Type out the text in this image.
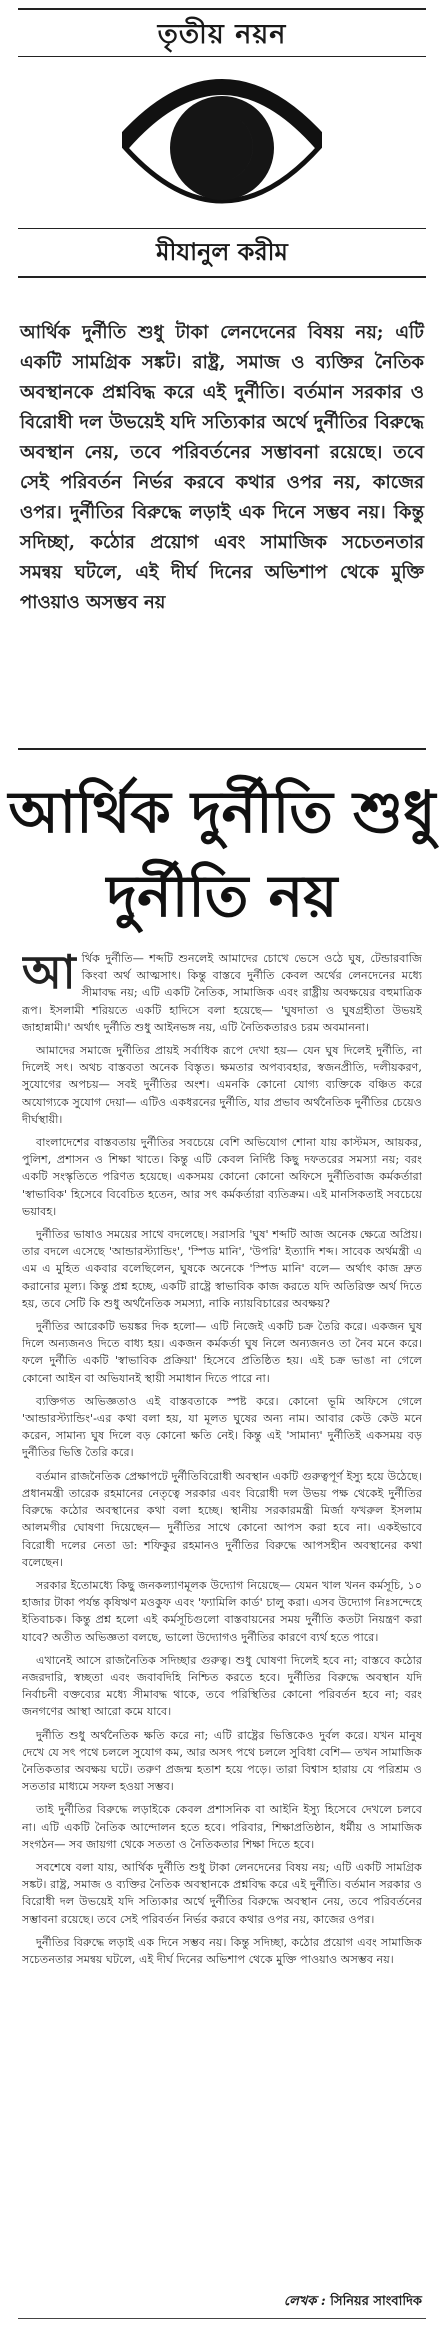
তৃতীয় নয়ন
মীযানুল করীম
আর্থিক দুর্নীতি শুধু টাকা লেনদেনের বিষয় নয়; এটি একটি সামগ্রিক সঙ্কট। রাষ্ট্র, সমাজ ও ব্যক্তির নৈতিক অবস্থানকে প্রশ্নবিদ্ধ করে এই দুর্নীতি। বর্তমান সরকার ও বিরোধী দল উভয়েই যদি সত্যিকার অর্থে দুর্নীতির বিরুদ্ধে অবস্থান নেয়, তবে পরিবর্তনের সম্ভাবনা রয়েছে। তবে সেই পরিবর্তন নির্ভর করবে কথার ওপর নয়, কাজের ওপর। দুর্নীতির বিরুদ্ধে লড়াই এক দিনে সম্ভব নয়। কিন্তু সদিচ্ছা, কঠোর প্রয়োগ এবং সামাজিক সচেতনতার সমন্বয় ঘটলে, এই দীর্ঘ দিনের অভিশাপ থেকে মুক্তি পাওয়াও অসম্ভব নয়
আর্থিক দুর্নীতি শুধু
দুর্নীতি নয়

আর্থিক দুর্নীতি— শব্দটি শুনলেই আমাদের চোখে ভেসে ওঠে ঘুষ, টেন্ডারবাজি কিংবা অর্থ আত্মসাৎ। কিন্তু বাস্তবে দুর্নীতি কেবল অর্থের লেনদেনের মধ্যে সীমাবদ্ধ নয়; এটি একটি নৈতিক, সামাজিক এবং রাষ্ট্রীয় অবক্ষয়ের বহুমাত্রিক রূপ। ইসলামী শরিয়তে একটি হাদিসে বলা হয়েছে— 'ঘুষদাতা ও ঘুষগ্রহীতা উভয়ই জাহান্নামী।' অর্থাৎ দুর্নীতি শুধু আইনভঙ্গ নয়, এটি নৈতিকতারও চরম অবমাননা।

আমাদের সমাজে দুর্নীতির প্রায়ই সর্বাধিক রূপে দেখা হয়— যেন ঘুষ দিলেই দুর্নীতি, না দিলেই সৎ। অথচ বাস্তবতা অনেক বিস্তৃত। ক্ষমতার অপব্যবহার, স্বজনপ্রীতি, দলীয়করণ, সুযোগের অপচয়— সবই দুর্নীতির অংশ। এমনকি কোনো যোগ্য ব্যক্তিকে বঞ্চিত করে অযোগ্যকে সুযোগ দেয়া— এটিও একধরনের দুর্নীতি, যার প্রভাব অর্থনৈতিক দুর্নীতির চেয়েও দীর্ঘস্থায়ী।

বাংলাদেশের বাস্তবতায় দুর্নীতির সবচেয়ে বেশি অভিযোগ শোনা যায় কাস্টমস, আয়কর, পুলিশ, প্রশাসন ও শিক্ষা খাতে। কিন্তু এটি কেবল নির্দিষ্ট কিছু দফতরের সমস্যা নয়; বরং একটি সংস্কৃতিতে পরিণত হয়েছে। একসময় কোনো কোনো অফিসে দুর্নীতিবাজ কর্মকর্তারা 'স্বাভাবিক' হিসেবে বিবেচিত হতেন, আর সৎ কর্মকর্তারা ব্যতিক্রম। এই মানসিকতাই সবচেয়ে ভয়াবহ।

দুর্নীতির ভাষাও সময়ের সাথে বদলেছে। সরাসরি 'ঘুষ' শব্দটি আজ অনেক ক্ষেত্রে অপ্রিয়। তার বদলে এসেছে 'আন্ডারস্ট্যান্ডিং', 'স্পিড মানি', 'উপরি' ইত্যাদি শব্দ। সাবেক অর্থমন্ত্রী এ এম এ মুহিত একবার বলেছিলেন, ঘুষকে অনেকে 'স্পিড মানি' বলে— অর্থাৎ কাজ দ্রুত করানোর মূল্য। কিন্তু প্রশ্ন হচ্ছে, একটি রাষ্ট্রে স্বাভাবিক কাজ করতে যদি অতিরিক্ত অর্থ দিতে হয়, তবে সেটি কি শুধু অর্থনৈতিক সমস্যা, নাকি ন্যায়বিচারের অবক্ষয়?

দুর্নীতির আরেকটি ভয়ঙ্কর দিক হলো— এটি নিজেই একটি চক্র তৈরি করে। একজন ঘুষ দিলে অন্যজনও দিতে বাধ্য হয়। একজন কর্মকর্তা ঘুষ নিলে অন্যজনও তা নৈব মনে করে। ফলে দুর্নীতি একটি 'স্বাভাবিক প্রক্রিয়া' হিসেবে প্রতিষ্ঠিত হয়। এই চক্র ভাঙা না গেলে কোনো আইন বা অভিযানই স্থায়ী সমাধান দিতে পারে না।

ব্যক্তিগত অভিজ্ঞতাও এই বাস্তবতাকে স্পষ্ট করে। কোনো ভূমি অফিসে গেলে 'আন্ডারস্ট্যান্ডিং'-এর কথা বলা হয়, যা মূলত ঘুষের অন্য নাম। আবার কেউ কেউ মনে করেন, সামান্য ঘুষ দিলে বড় কোনো ক্ষতি নেই। কিন্তু এই 'সামান্য' দুর্নীতিই একসময় বড় দুর্নীতির ভিত্তি তৈরি করে।

বর্তমান রাজনৈতিক প্রেক্ষাপটে দুর্নীতিবিরোধী অবস্থান একটি গুরুত্বপূর্ণ ইস্যু হয়ে উঠেছে। প্রধানমন্ত্রী তারেক রহমানের নেতৃত্বে সরকার এবং বিরোধী দল উভয় পক্ষ থেকেই দুর্নীতির বিরুদ্ধে কঠোর অবস্থানের কথা বলা হচ্ছে। স্থানীয় সরকারমন্ত্রী মির্জা ফখরুল ইসলাম আলমগীর ঘোষণা দিয়েছেন— দুর্নীতির সাথে কোনো আপস করা হবে না। একইভাবে বিরোধী দলের নেতা ডা: শফিকুর রহমানও দুর্নীতির বিরুদ্ধে আপসহীন অবস্থানের কথা বলেছেন।

সরকার ইতোমধ্যে কিছু জনকল্যাণমূলক উদ্যোগ নিয়েছে— যেমন খাল খনন কর্মসূচি, ১০ হাজার টাকা পর্যন্ত কৃষিঋণ মওকুফ এবং 'ফ্যামিলি কার্ড' চালু করা। এসব উদ্যোগ নিঃসন্দেহে ইতিবাচক। কিন্তু প্রশ্ন হলো এই কর্মসূচিগুলো বাস্তবায়নের সময় দুর্নীতি কতটা নিয়ন্ত্রণ করা যাবে? অতীত অভিজ্ঞতা বলছে, ভালো উদ্যোগও দুর্নীতির কারণে ব্যর্থ হতে পারে।

এখানেই আসে রাজনৈতিক সদিচ্ছার গুরুত্ব। শুধু ঘোষণা দিলেই হবে না; বাস্তবে কঠোর নজরদারি, স্বচ্ছতা এবং জবাবদিহি নিশ্চিত করতে হবে। দুর্নীতির বিরুদ্ধে অবস্থান যদি নির্বাচনী বক্তব্যের মধ্যে সীমাবদ্ধ থাকে, তবে পরিস্থিতির কোনো পরিবর্তন হবে না; বরং জনগণের আস্থা আরো কমে যাবে।

দুর্নীতি শুধু অর্থনৈতিক ক্ষতি করে না; এটি রাষ্ট্রের ভিত্তিকেও দুর্বল করে। যখন মানুষ দেখে যে সৎ পথে চললে সুযোগ কম, আর অসৎ পথে চললে সুবিধা বেশি— তখন সামাজিক নৈতিকতার অবক্ষয় ঘটে। তরুণ প্রজন্ম হতাশ হয়ে পড়ে। তারা বিশ্বাস হারায় যে পরিশ্রম ও সততার মাধ্যমে সফল হওয়া সম্ভব।

তাই দুর্নীতির বিরুদ্ধে লড়াইকে কেবল প্রশাসনিক বা আইনি ইস্যু হিসেবে দেখলে চলবে না। এটি একটি নৈতিক আন্দোলন হতে হবে। পরিবার, শিক্ষাপ্রতিষ্ঠান, ধর্মীয় ও সামাজিক সংগঠন— সব জায়গা থেকে সততা ও নৈতিকতার শিক্ষা দিতে হবে।

সবশেষে বলা যায়, আর্থিক দুর্নীতি শুধু টাকা লেনদেনের বিষয় নয়; এটি একটি সামগ্রিক সঙ্কট। রাষ্ট্র, সমাজ ও ব্যক্তির নৈতিক অবস্থানকে প্রশ্নবিদ্ধ করে এই দুর্নীতি। বর্তমান সরকার ও বিরোধী দল উভয়েই যদি সত্যিকার অর্থে দুর্নীতির বিরুদ্ধে অবস্থান নেয়, তবে পরিবর্তনের সম্ভাবনা রয়েছে। তবে সেই পরিবর্তন নির্ভর করবে কথার ওপর নয়, কাজের ওপর।

দুর্নীতির বিরুদ্ধে লড়াই এক দিনে সম্ভব নয়। কিন্তু সদিচ্ছা, কঠোর প্রয়োগ এবং সামাজিক সচেতনতার সমন্বয় ঘটলে, এই দীর্ঘ দিনের অভিশাপ থেকে মুক্তি পাওয়াও অসম্ভব নয়।

লেখক : সিনিয়র সাংবাদিক
